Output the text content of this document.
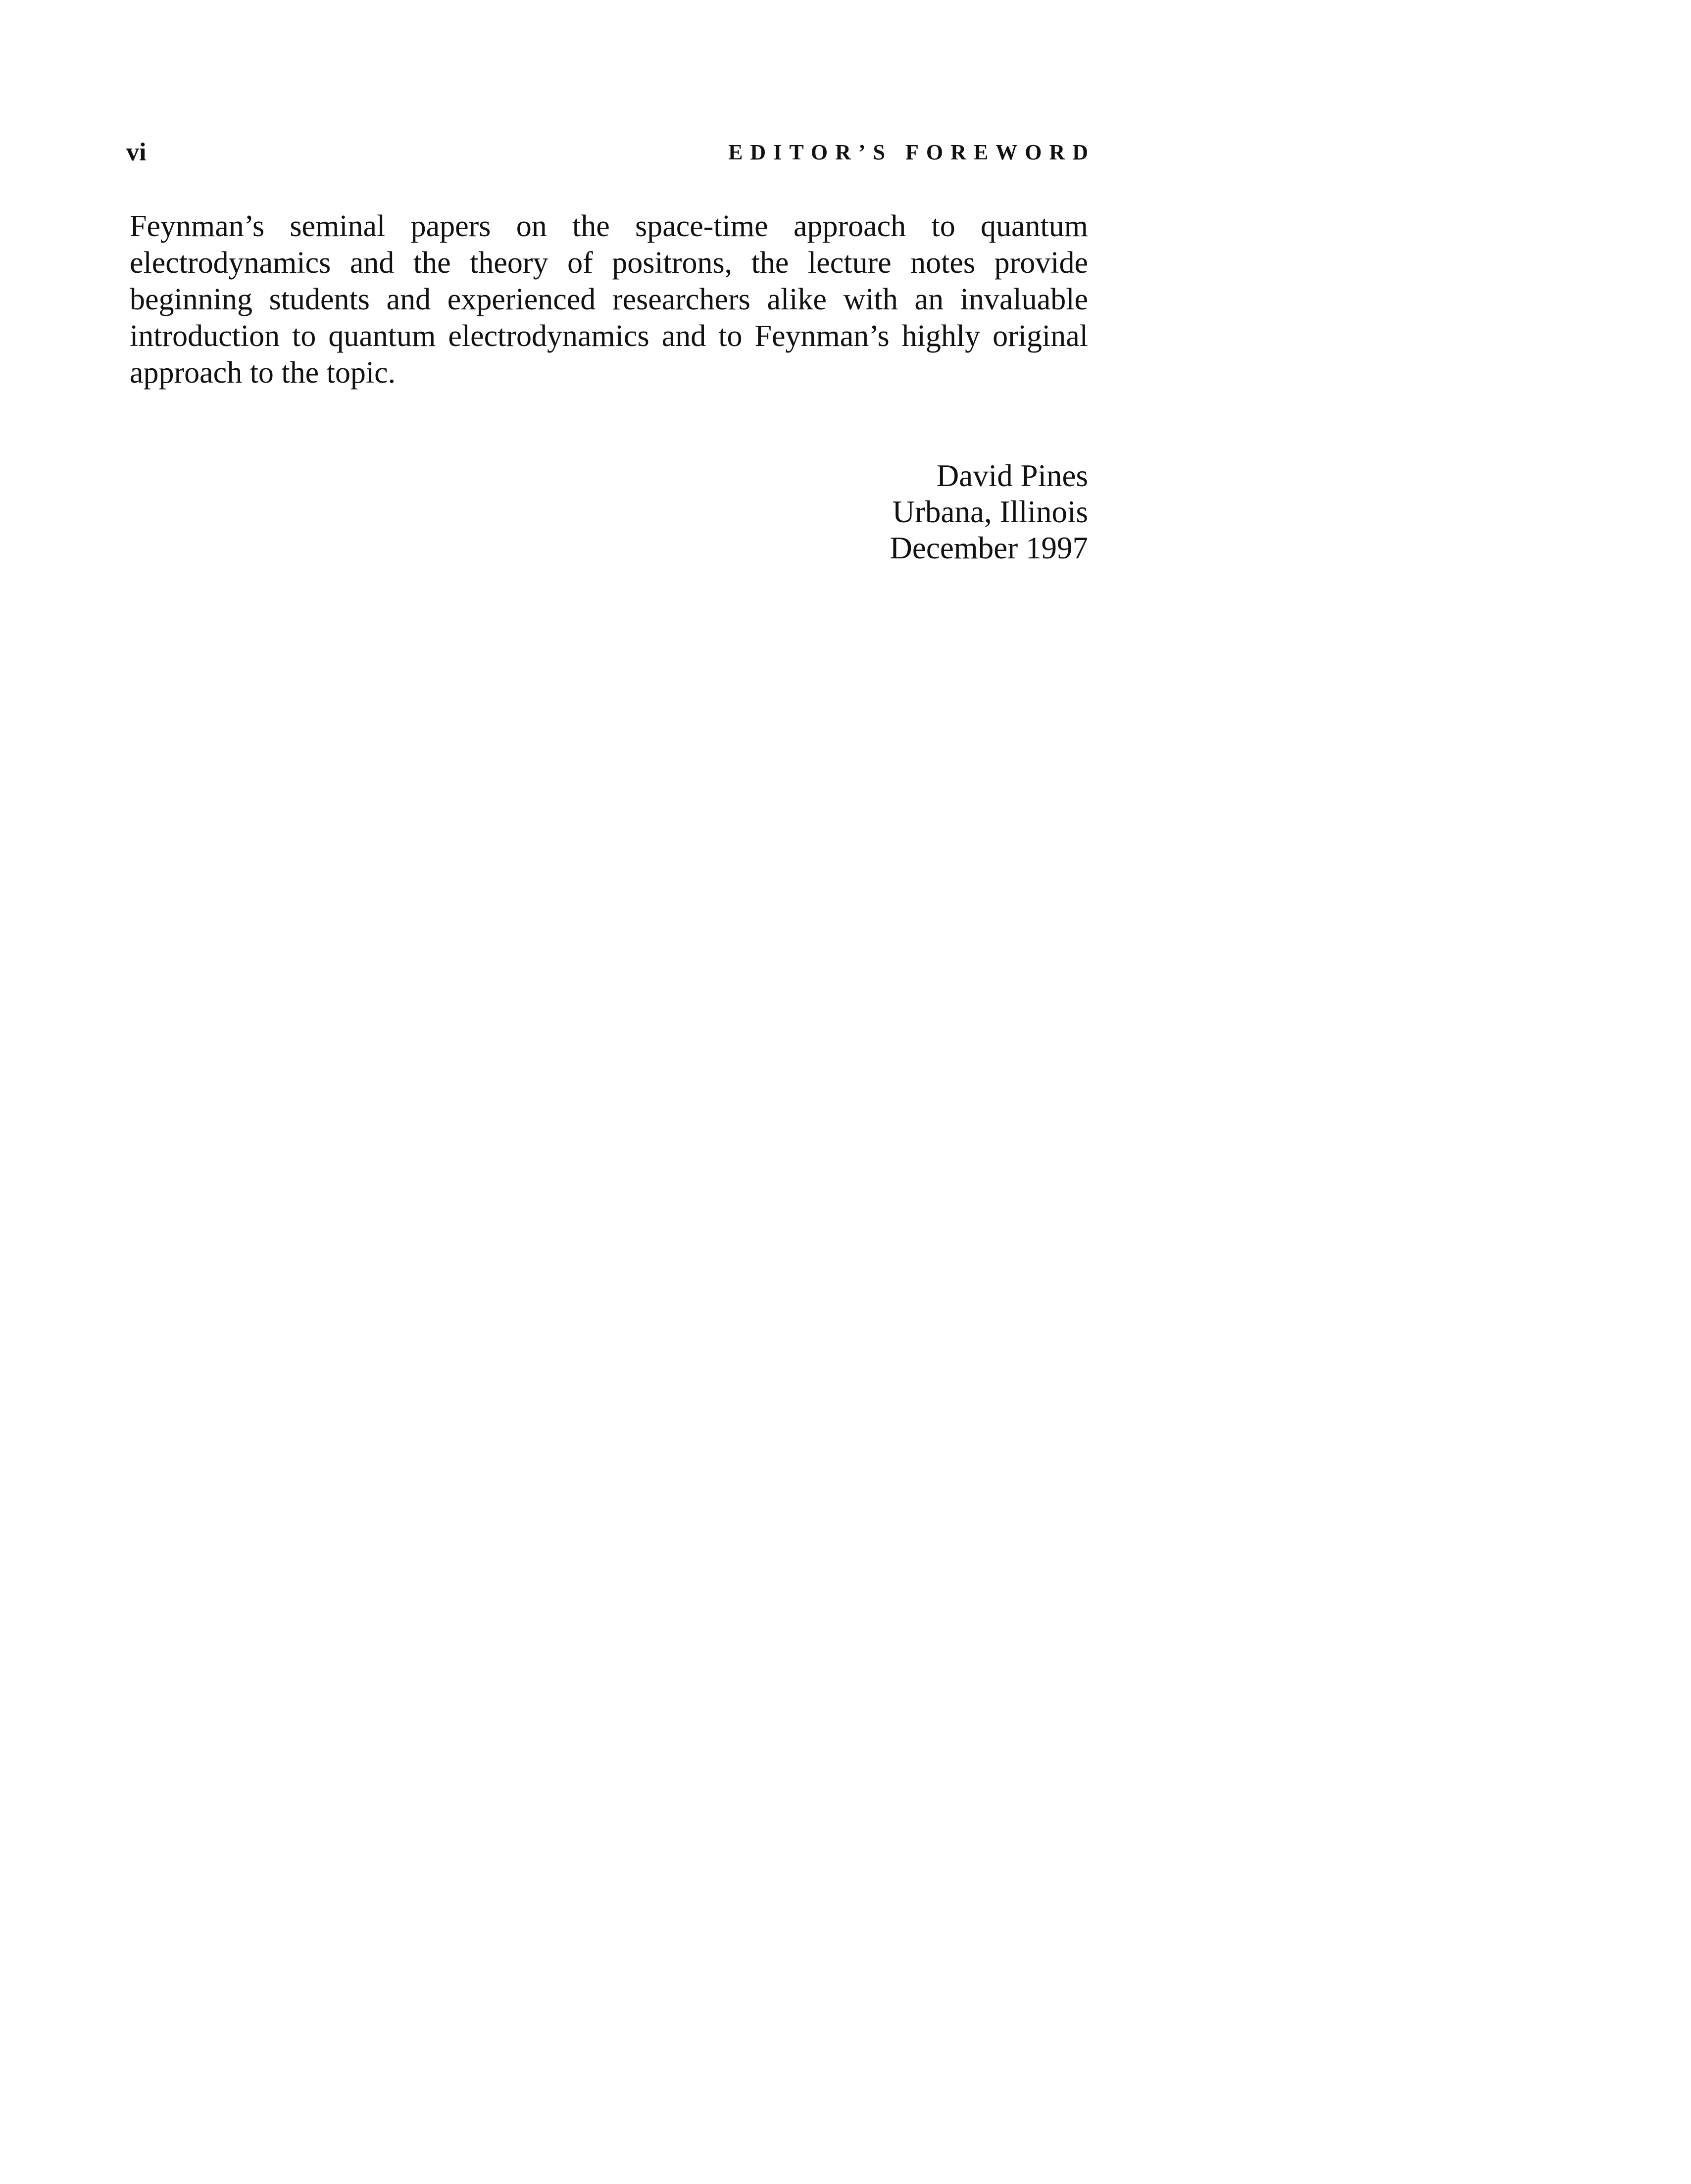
vi	EDITOR’S FOREWORD

Feynman’s seminal papers on the space-time approach to quantum electrodynamics and the theory of positrons, the lecture notes provide beginning students and experienced researchers alike with an invaluable introduction to quantum electrodynamics and to Feynman’s highly original approach to the topic.

David Pines
Urbana, Illinois
December 1997
